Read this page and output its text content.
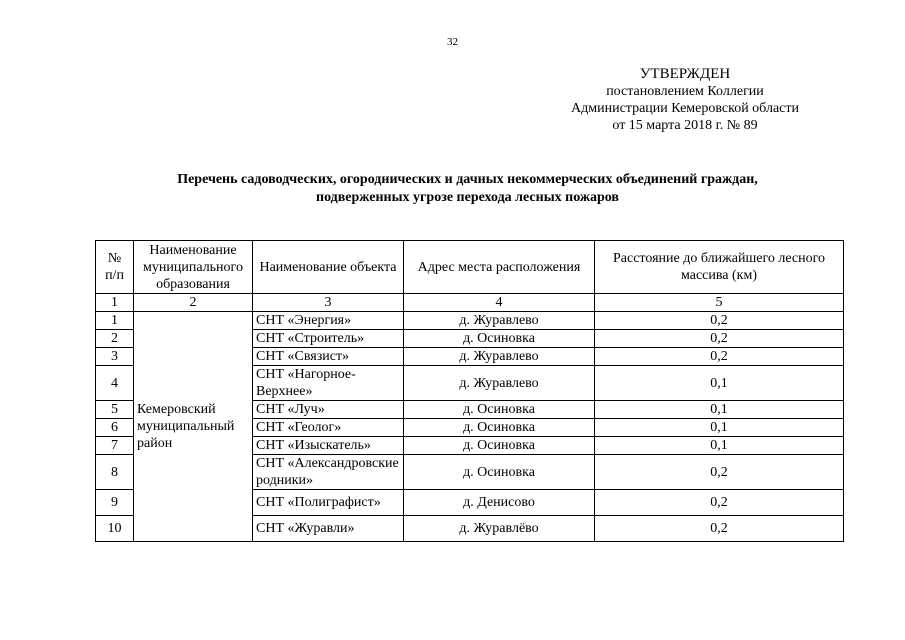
32
УТВЕРЖДЕН
постановлением Коллегии
Администрации Кемеровской области
от 15 марта 2018 г. № 89
Перечень садоводческих, огороднических и дачных некоммерческих объединений граждан,
подверженных угрозе перехода лесных пожаров
№
п/п	Наименование муниципального образования	Наименование объекта	Адрес места расположения	Расстояние до ближайшего лесного массива (км)
1	2	3	4	5
1	Кемеровский муниципальный район	СНТ «Энергия»	д. Журавлево	0,2
2		СНТ «Строитель»	д. Осиновка	0,2
3		СНТ «Связист»	д. Журавлево	0,2
4		СНТ «Нагорное-Верхнее»	д. Журавлево	0,1
5		СНТ «Луч»	д. Осиновка	0,1
6		СНТ «Геолог»	д. Осиновка	0,1
7		СНТ «Изыскатель»	д. Осиновка	0,1
8		СНТ «Александровские родники»	д. Осиновка	0,2
9		СНТ «Полиграфист»	д. Денисово	0,2
10		СНТ «Журавли»	д. Журавлёво	0,2
